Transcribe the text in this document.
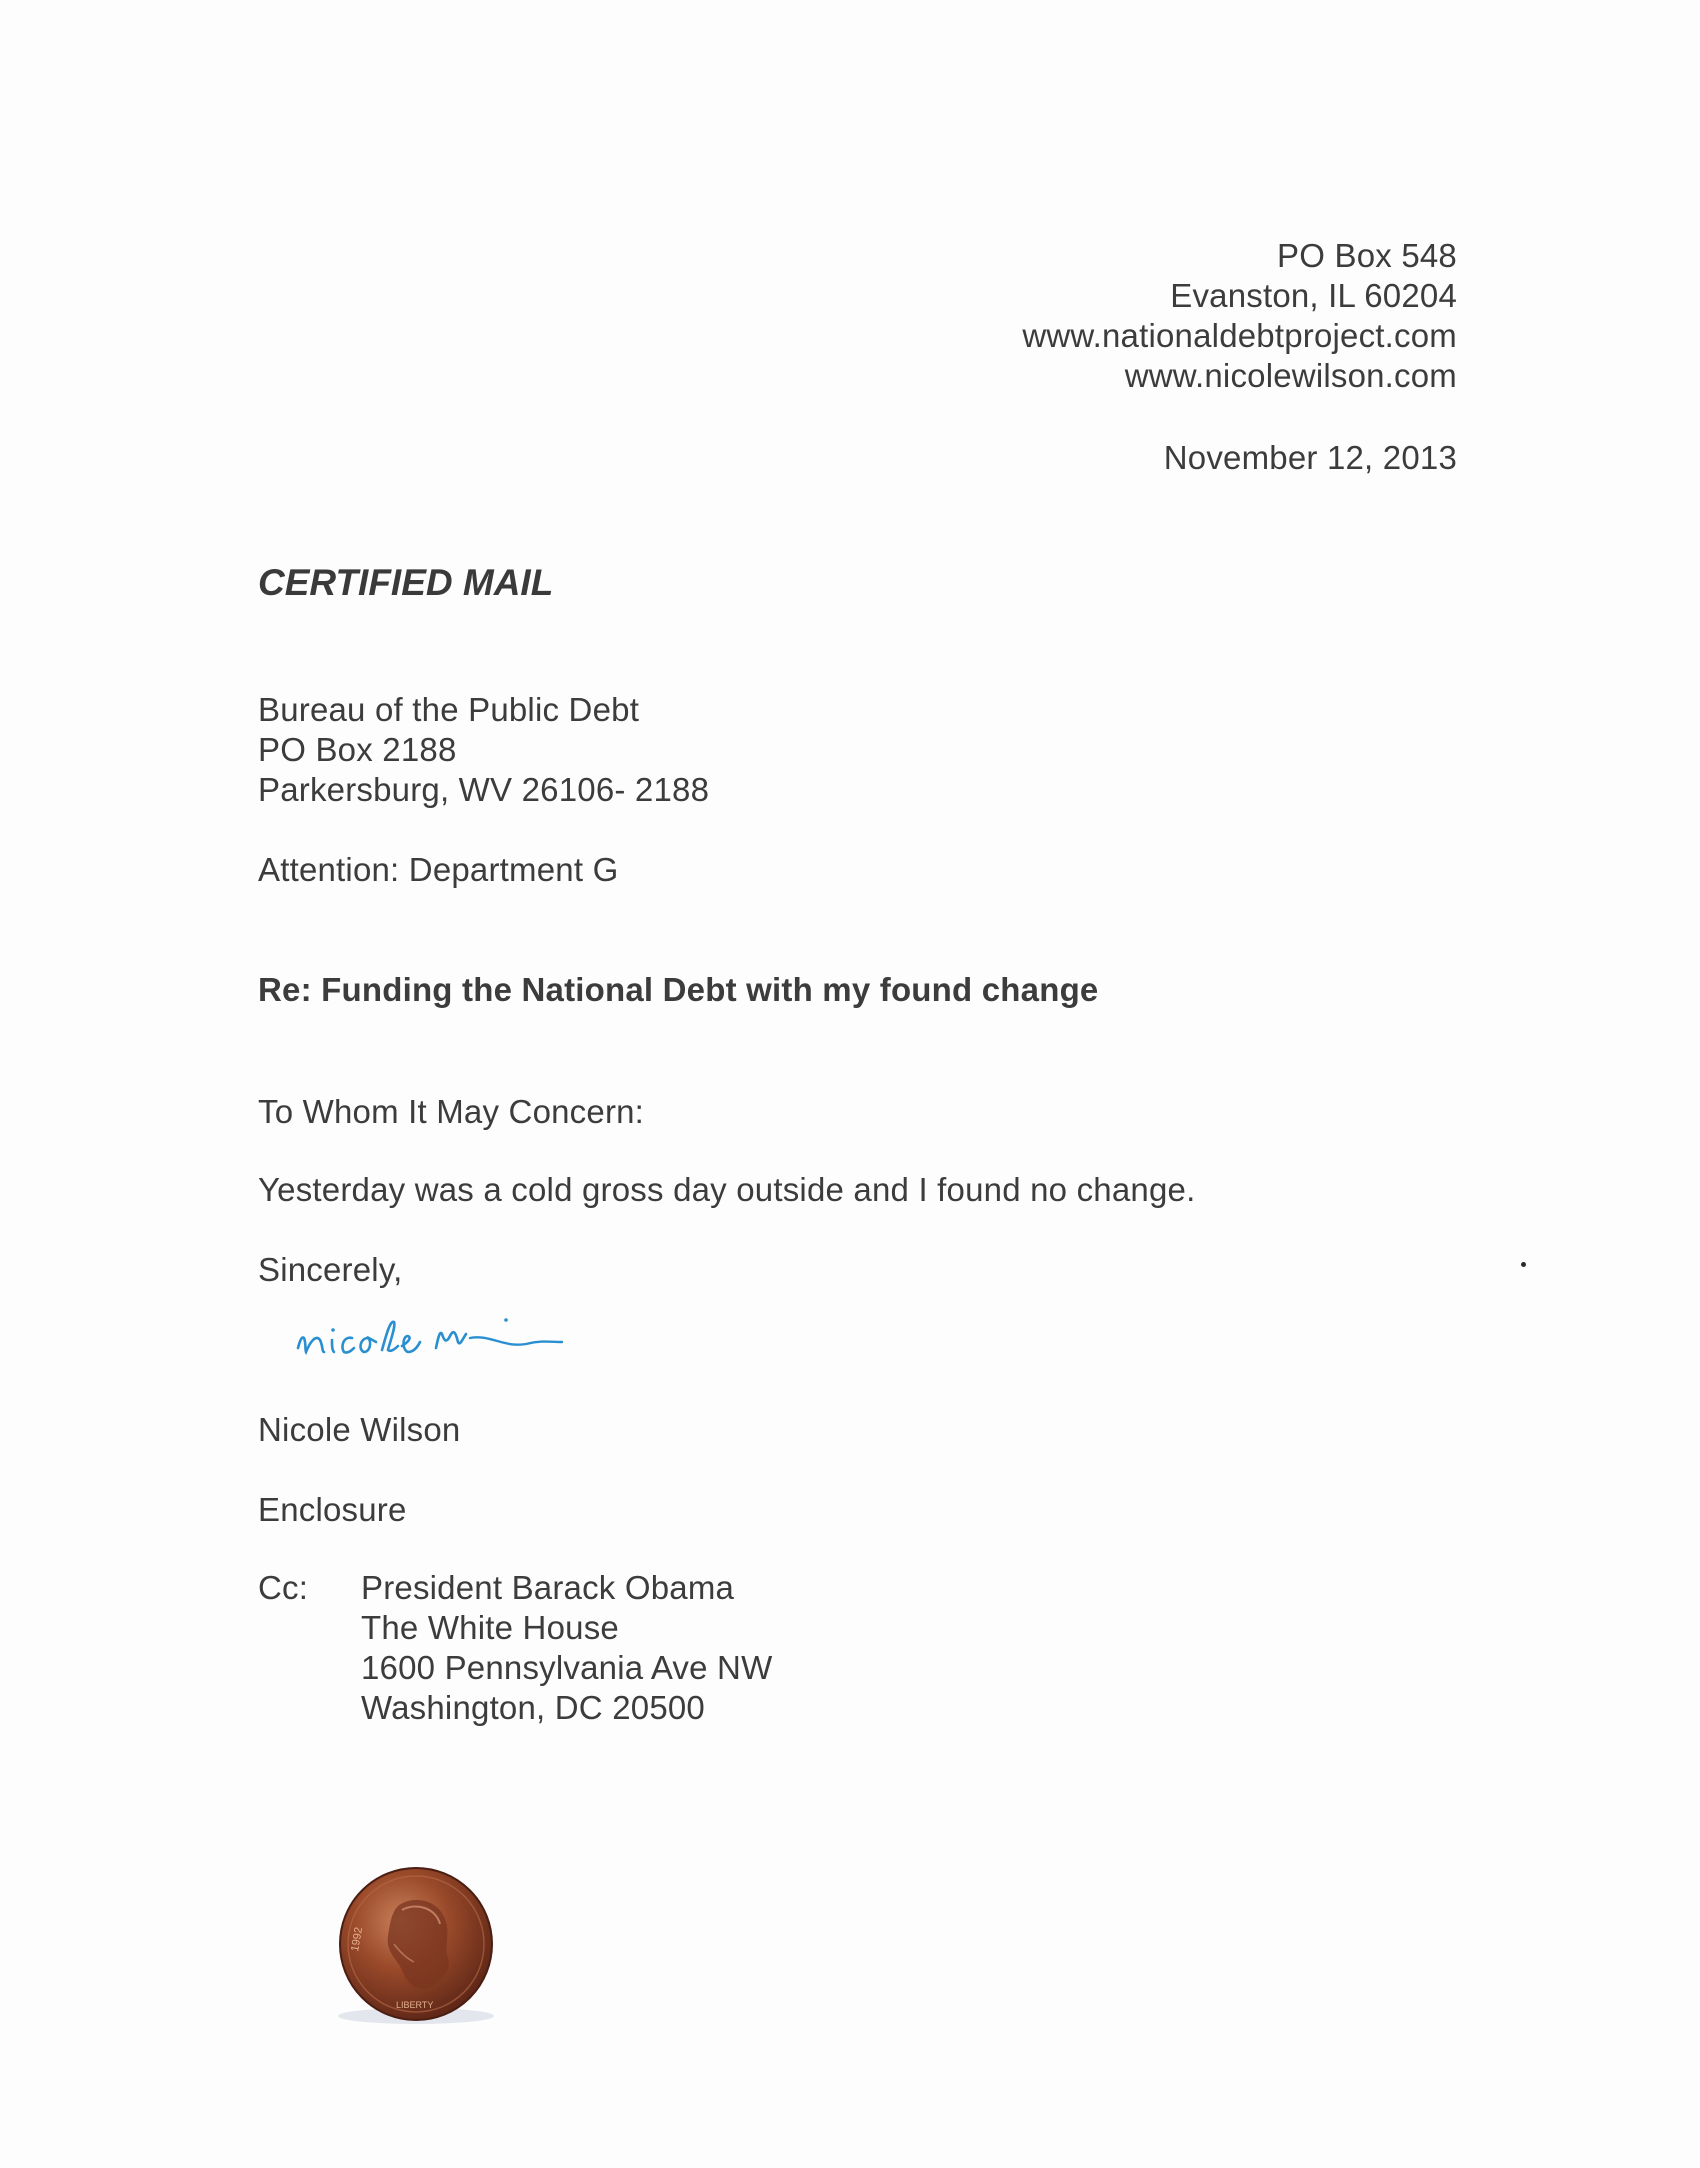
PO Box 548
Evanston, IL 60204
www.nationaldebtproject.com
www.nicolewilson.com
November 12, 2013
CERTIFIED MAIL
Bureau of the Public Debt
PO Box 2188
Parkersburg, WV 26106- 2188
Attention: Department G
Re: Funding the National Debt with my found change
To Whom It May Concern:
Yesterday was a cold gross day outside and I found no change.
Sincerely,
Nicole Wilson
Enclosure
Cc: President Barack Obama
The White House
1600 Pennsylvania Ave NW
Washington, DC 20500
1992
LIBERTY
